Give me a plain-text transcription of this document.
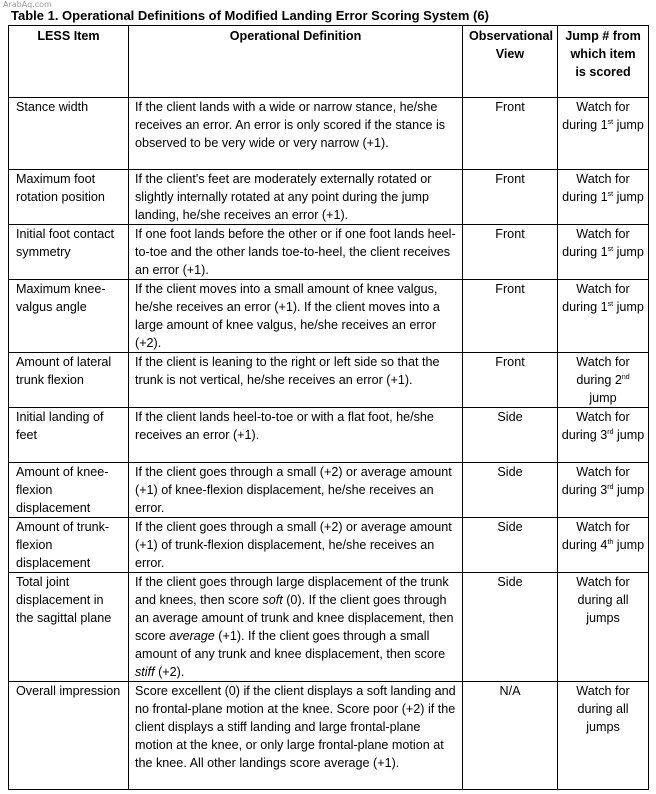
ArabAq.com
Table 1. Operational Definitions of Modified Landing Error Scoring System (6)
LESS Item	Operational Definition	Observational View	Jump # from which item is scored
Stance width	If the client lands with a wide or narrow stance, he/she receives an error. An error is only scored if the stance is observed to be very wide or very narrow (+1).	Front	Watch for during 1st jump
Maximum foot rotation position	If the client's feet are moderately externally rotated or slightly internally rotated at any point during the jump landing, he/she receives an error (+1).	Front	Watch for during 1st jump
Initial foot contact symmetry	If one foot lands before the other or if one foot lands heel-to-toe and the other lands toe-to-heel, the client receives an error (+1).	Front	Watch for during 1st jump
Maximum knee-valgus angle	If the client moves into a small amount of knee valgus, he/she receives an error (+1). If the client moves into a large amount of knee valgus, he/she receives an error (+2).	Front	Watch for during 1st jump
Amount of lateral trunk flexion	If the client is leaning to the right or left side so that the trunk is not vertical, he/she receives an error (+1).	Front	Watch for during 2nd jump
Initial landing of feet	If the client lands heel-to-toe or with a flat foot, he/she receives an error (+1).	Side	Watch for during 3rd jump
Amount of knee-flexion displacement	If the client goes through a small (+2) or average amount (+1) of knee-flexion displacement, he/she receives an error.	Side	Watch for during 3rd jump
Amount of trunk-flexion displacement	If the client goes through a small (+2) or average amount (+1) of trunk-flexion displacement, he/she receives an error.	Side	Watch for during 4th jump
Total joint displacement in the sagittal plane	If the client goes through large displacement of the trunk and knees, then score soft (0). If the client goes through an average amount of trunk and knee displacement, then score average (+1). If the client goes through a small amount of any trunk and knee displacement, then score stiff (+2).	Side	Watch for during all jumps
Overall impression	Score excellent (0) if the client displays a soft landing and no frontal-plane motion at the knee. Score poor (+2) if the client displays a stiff landing and large frontal-plane motion at the knee, or only large frontal-plane motion at the knee. All other landings score average (+1).	N/A	Watch for during all jumps
